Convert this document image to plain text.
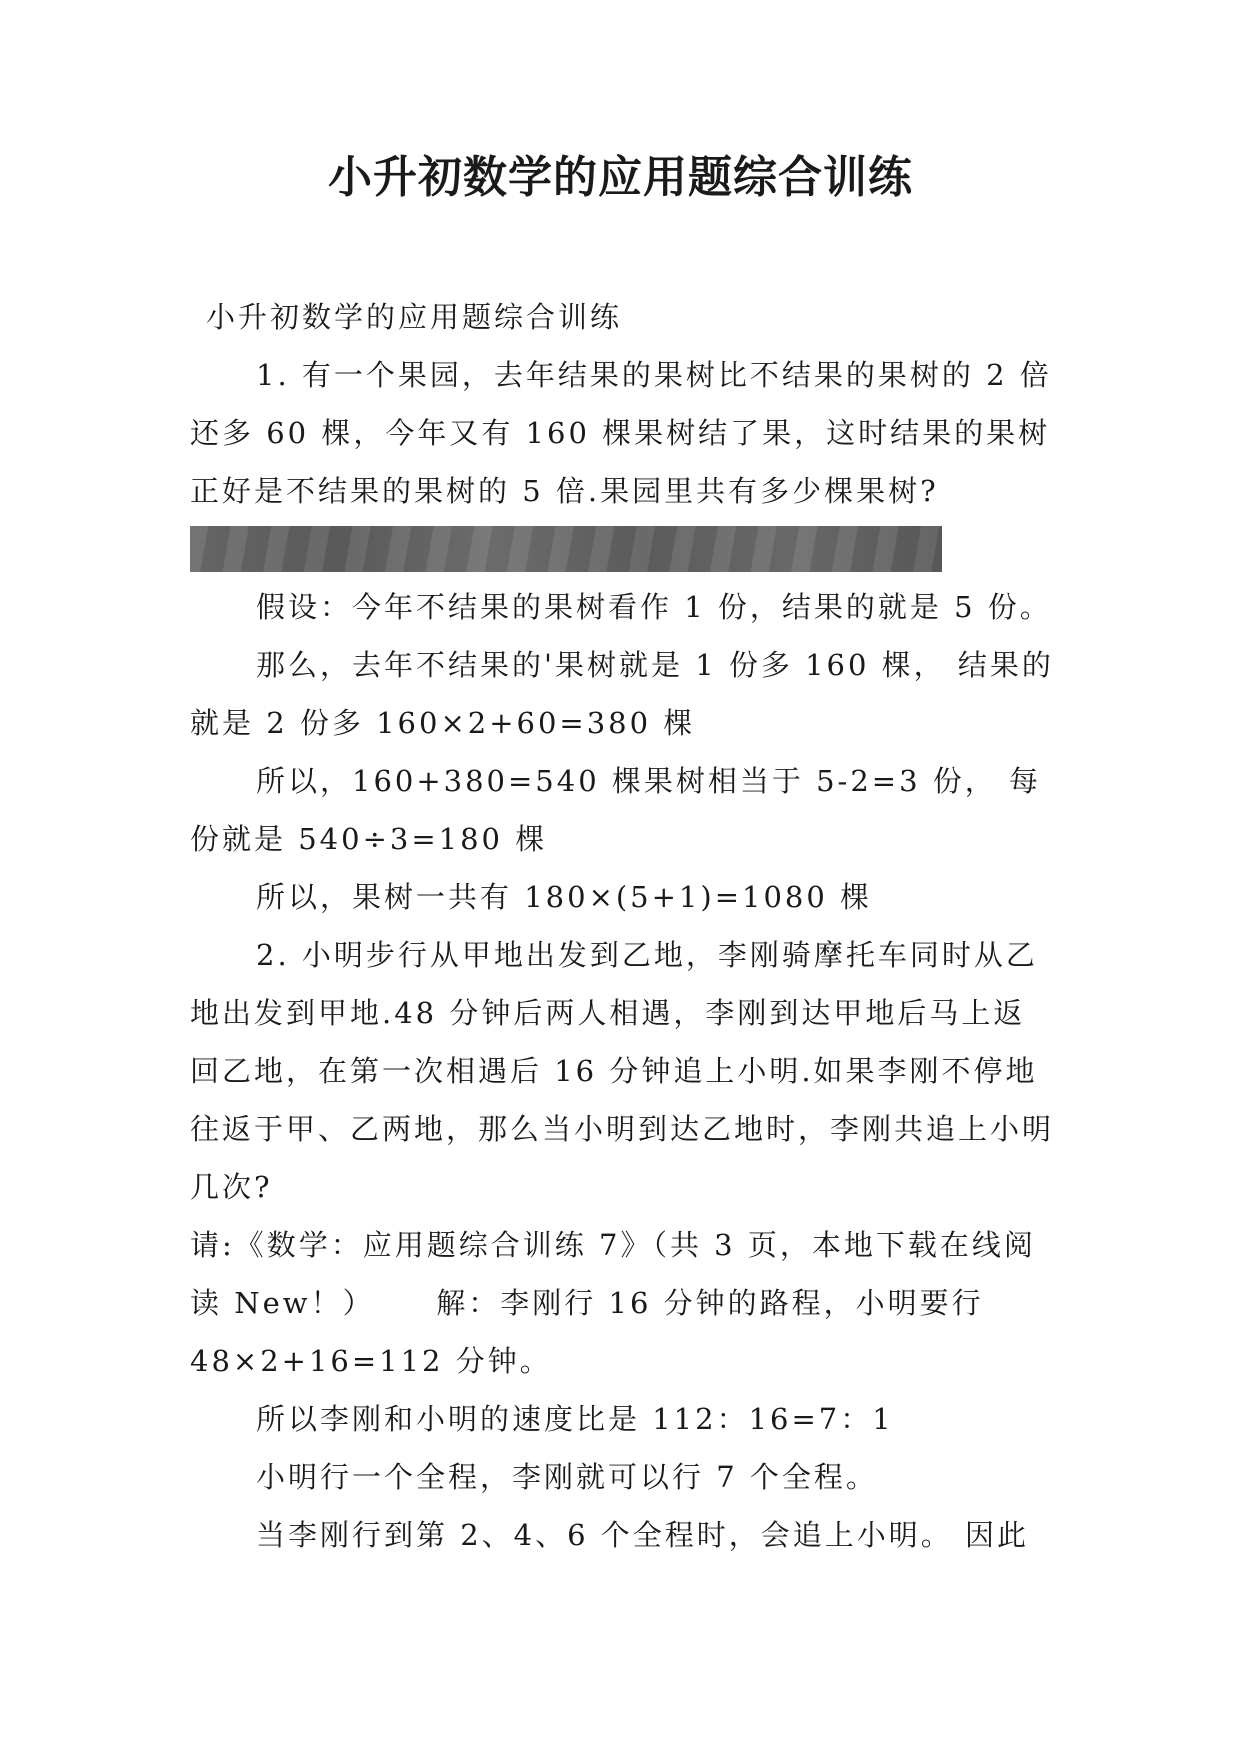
小升初数学的应用题综合训练

小升初数学的应用题综合训练

1. 有一个果园，去年结果的果树比不结果的果树的 2 倍还多 60 棵，今年又有 160 棵果树结了果，这时结果的果树正好是不结果的果树的 5 倍.果园里共有多少棵果树?

假设：今年不结果的果树看作 1 份，结果的就是 5 份。

那么，去年不结果的'果树就是 1 份多 160 棵， 结果的就是 2 份多 160×2+60=380 棵

所以，160+380=540 棵果树相当于 5-2=3 份， 每份就是 540÷3=180 棵

所以，果树一共有 180×(5+1)=1080 棵

2. 小明步行从甲地出发到乙地，李刚骑摩托车同时从乙地出发到甲地.48 分钟后两人相遇，李刚到达甲地后马上返回乙地，在第一次相遇后 16 分钟追上小明.如果李刚不停地往返于甲、乙两地，那么当小明到达乙地时，李刚共追上小明几次?

请:《数学：应用题综合训练 7》（共 3 页，本地下载在线阅读 New！）　　 解：李刚行 16 分钟的路程，小明要行 48×2+16=112 分钟。

所以李刚和小明的速度比是 112：16=7：1

小明行一个全程，李刚就可以行 7 个全程。

当李刚行到第 2、4、6 个全程时，会追上小明。 因此
